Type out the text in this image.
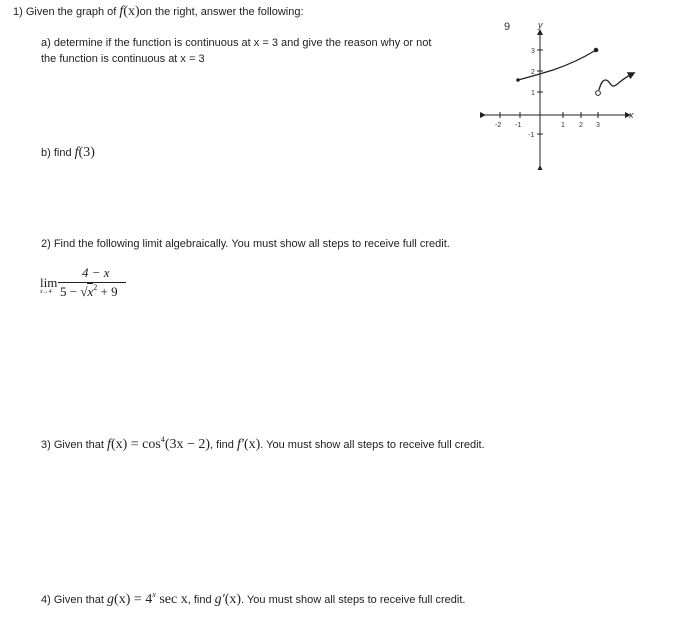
1) Given the graph of f(x)on the right, answer the following:
a) determine if the function is continuous at x = 3 and give the reason why or not
the function is continuous at x = 3
b) find f(3)
9	y
x
-2 -1	1 2 3
3
2
1
-1
2) Find the following limit algebraically. You must show all steps to receive full credit.
4 − x
lim
x→4 $5 - √x^2 + 9$
3) Given that $f(x) = \cos^4(3x - 2)$, find f′(x). You must show all steps to receive full credit.
4) Given that $g(x) = 4^x$ sec x, find g′(x). You must show all steps to receive full credit.
